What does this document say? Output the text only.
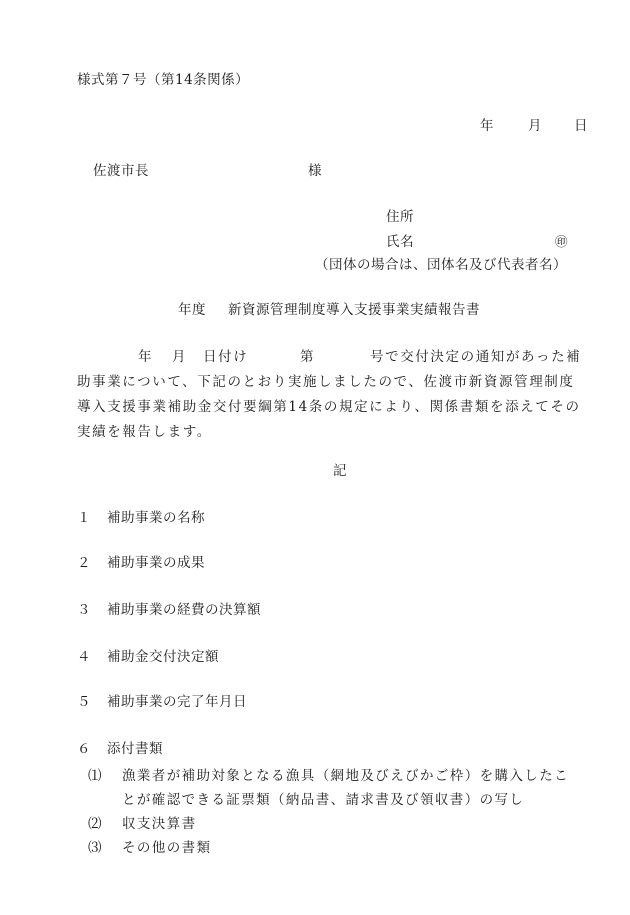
様式第７号（第14条関係）
年	月 日
佐渡市長	様
住所
氏名	㊞
（団体の場合は、団体名及び代表者名）
年度 新資源管理制度導入支援事業実績報告書
年 月 日付け	第	号で交付決定の通知があった補
助事業について、下記のとおり実施しましたので、佐渡市新資源管理制度
導入支援事業補助金交付要綱第14条の規定により、関係書類を添えてその
実績を報告します。
記
１ 補助事業の名称
２ 補助事業の成果
３ 補助事業の経費の決算額
４ 補助金交付決定額
５ 補助事業の完了年月日
６ 添付書類
⑴ 漁業者が補助対象となる漁具（網地及びえびかご枠）を購入したこ
とが確認できる証票類（納品書、請求書及び領収書）の写し
⑵ 収支決算書
⑶ その他の書類
